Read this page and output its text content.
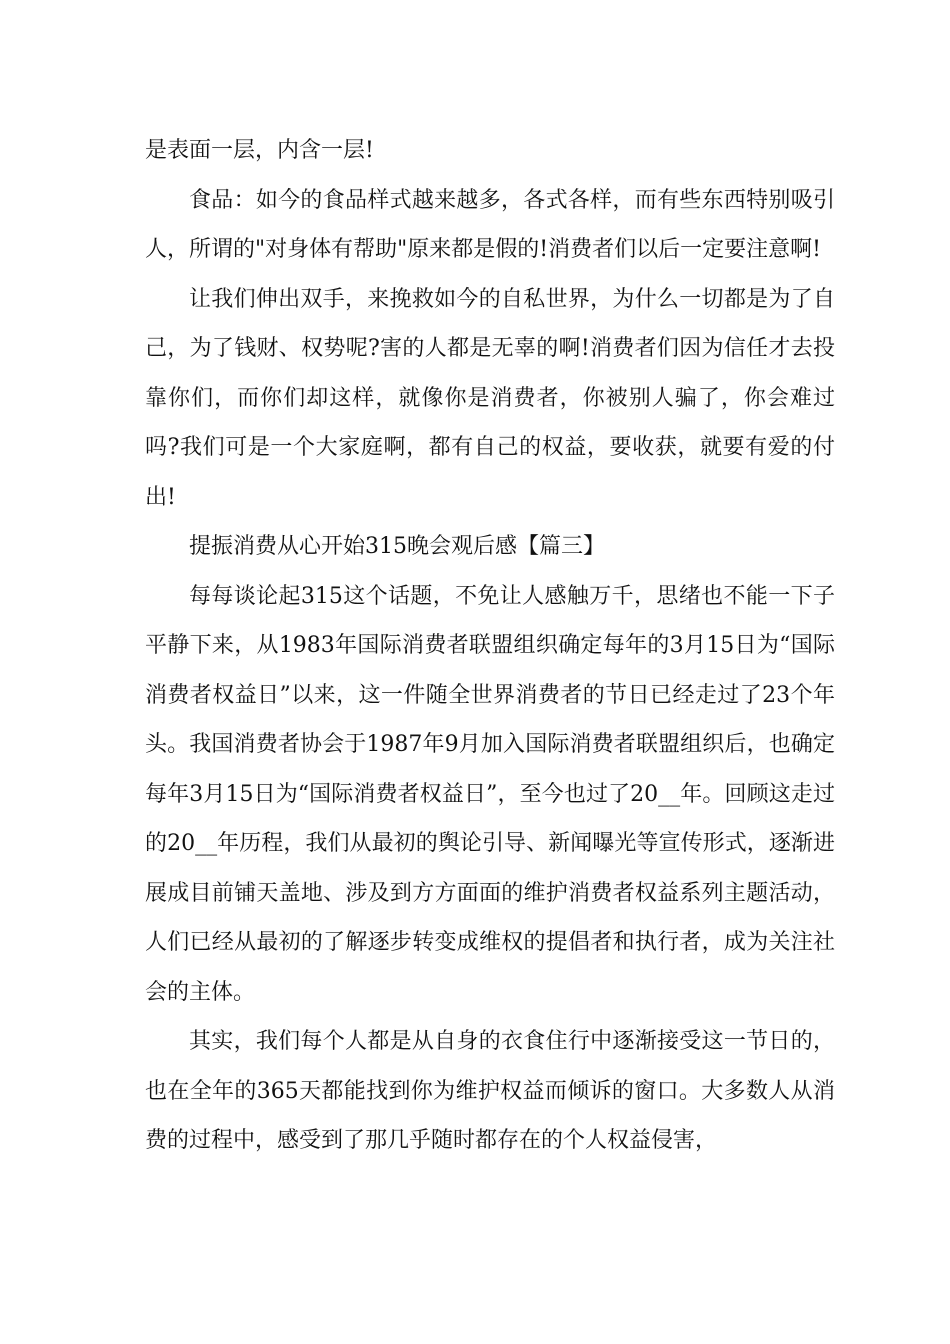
是表面一层，内含一层!

食品：如今的食品样式越来越多，各式各样，而有些东西特别吸引人，所谓的"对身体有帮助"原来都是假的!消费者们以后一定要注意啊!

让我们伸出双手，来挽救如今的自私世界，为什么一切都是为了自己，为了钱财、权势呢?害的人都是无辜的啊!消费者们因为信任才去投靠你们，而你们却这样，就像你是消费者，你被别人骗了，你会难过吗?我们可是一个大家庭啊，都有自己的权益，要收获，就要有爱的付出!

提振消费从心开始315晚会观后感【篇三】

每每谈论起315这个话题，不免让人感触万千，思绪也不能一下子平静下来，从1983年国际消费者联盟组织确定每年的3月15日为“国际消费者权益日”以来，这一件随全世界消费者的节日已经走过了23个年头。我国消费者协会于1987年9月加入国际消费者联盟组织后，也确定每年3月15日为“国际消费者权益日”，至今也过了20__年。回顾这走过的20__年历程，我们从最初的舆论引导、新闻曝光等宣传形式，逐渐进展成目前铺天盖地、涉及到方方面面的维护消费者权益系列主题活动，人们已经从最初的了解逐步转变成维权的提倡者和执行者，成为关注社会的主体。

其实，我们每个人都是从自身的衣食住行中逐渐接受这一节日的，也在全年的365天都能找到你为维护权益而倾诉的窗口。大多数人从消费的过程中，感受到了那几乎随时都存在的个人权益侵害，
